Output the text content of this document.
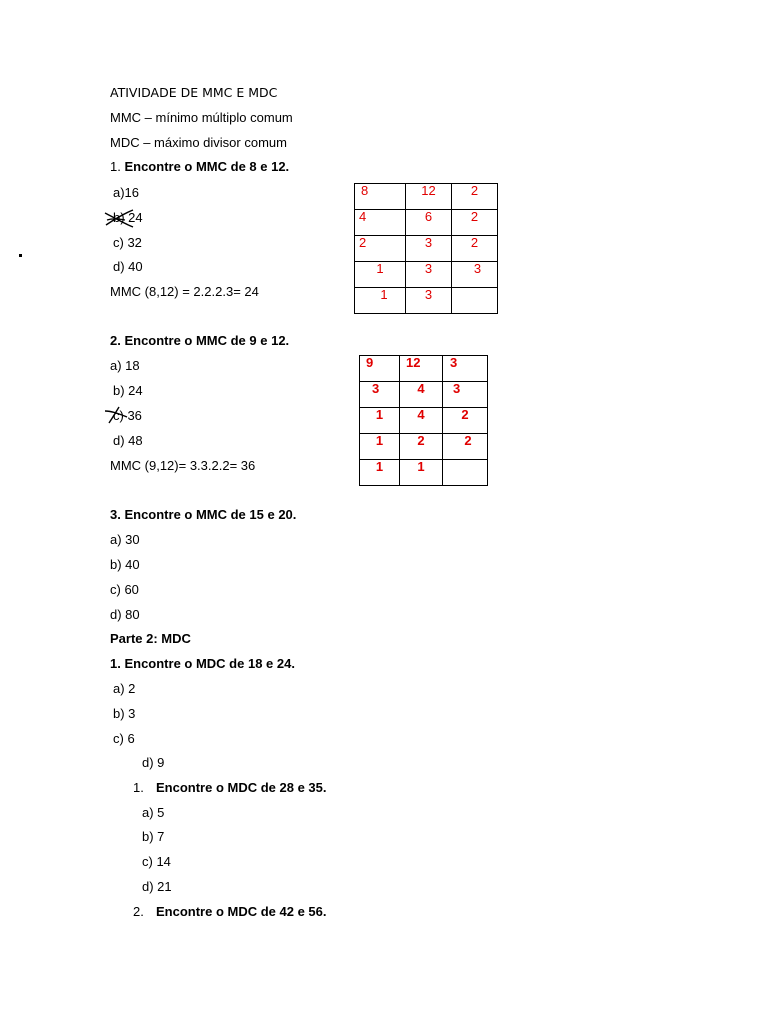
ATIVIDADE DE MMC E MDC
MMC – mínimo múltiplo comum
MDC – máximo divisor comum
1. Encontre o MMC de 8 e 12.
a)16
b) 24
c) 32
d) 40
MMC (8,12) = 2.2.2.3= 24
8	12	2
4	6	2
2	3	2
1	3	3
1	3	
2. Encontre o MMC de 9 e 12.
a) 18
b) 24
c) 36
d) 48
MMC (9,12)= 3.3.2.2= 36
9	12	3
3	4	3
1	4	2
1	2	2
1	1	
3. Encontre o MMC de 15 e 20.
a) 30
b) 40
c) 60
d) 80
Parte 2: MDC
1. Encontre o MDC de 18 e 24.
a) 2
b) 3
c) 6
d) 9
1. Encontre o MDC de 28 e 35.
a) 5
b) 7
c) 14
d) 21
2. Encontre o MDC de 42 e 56.
